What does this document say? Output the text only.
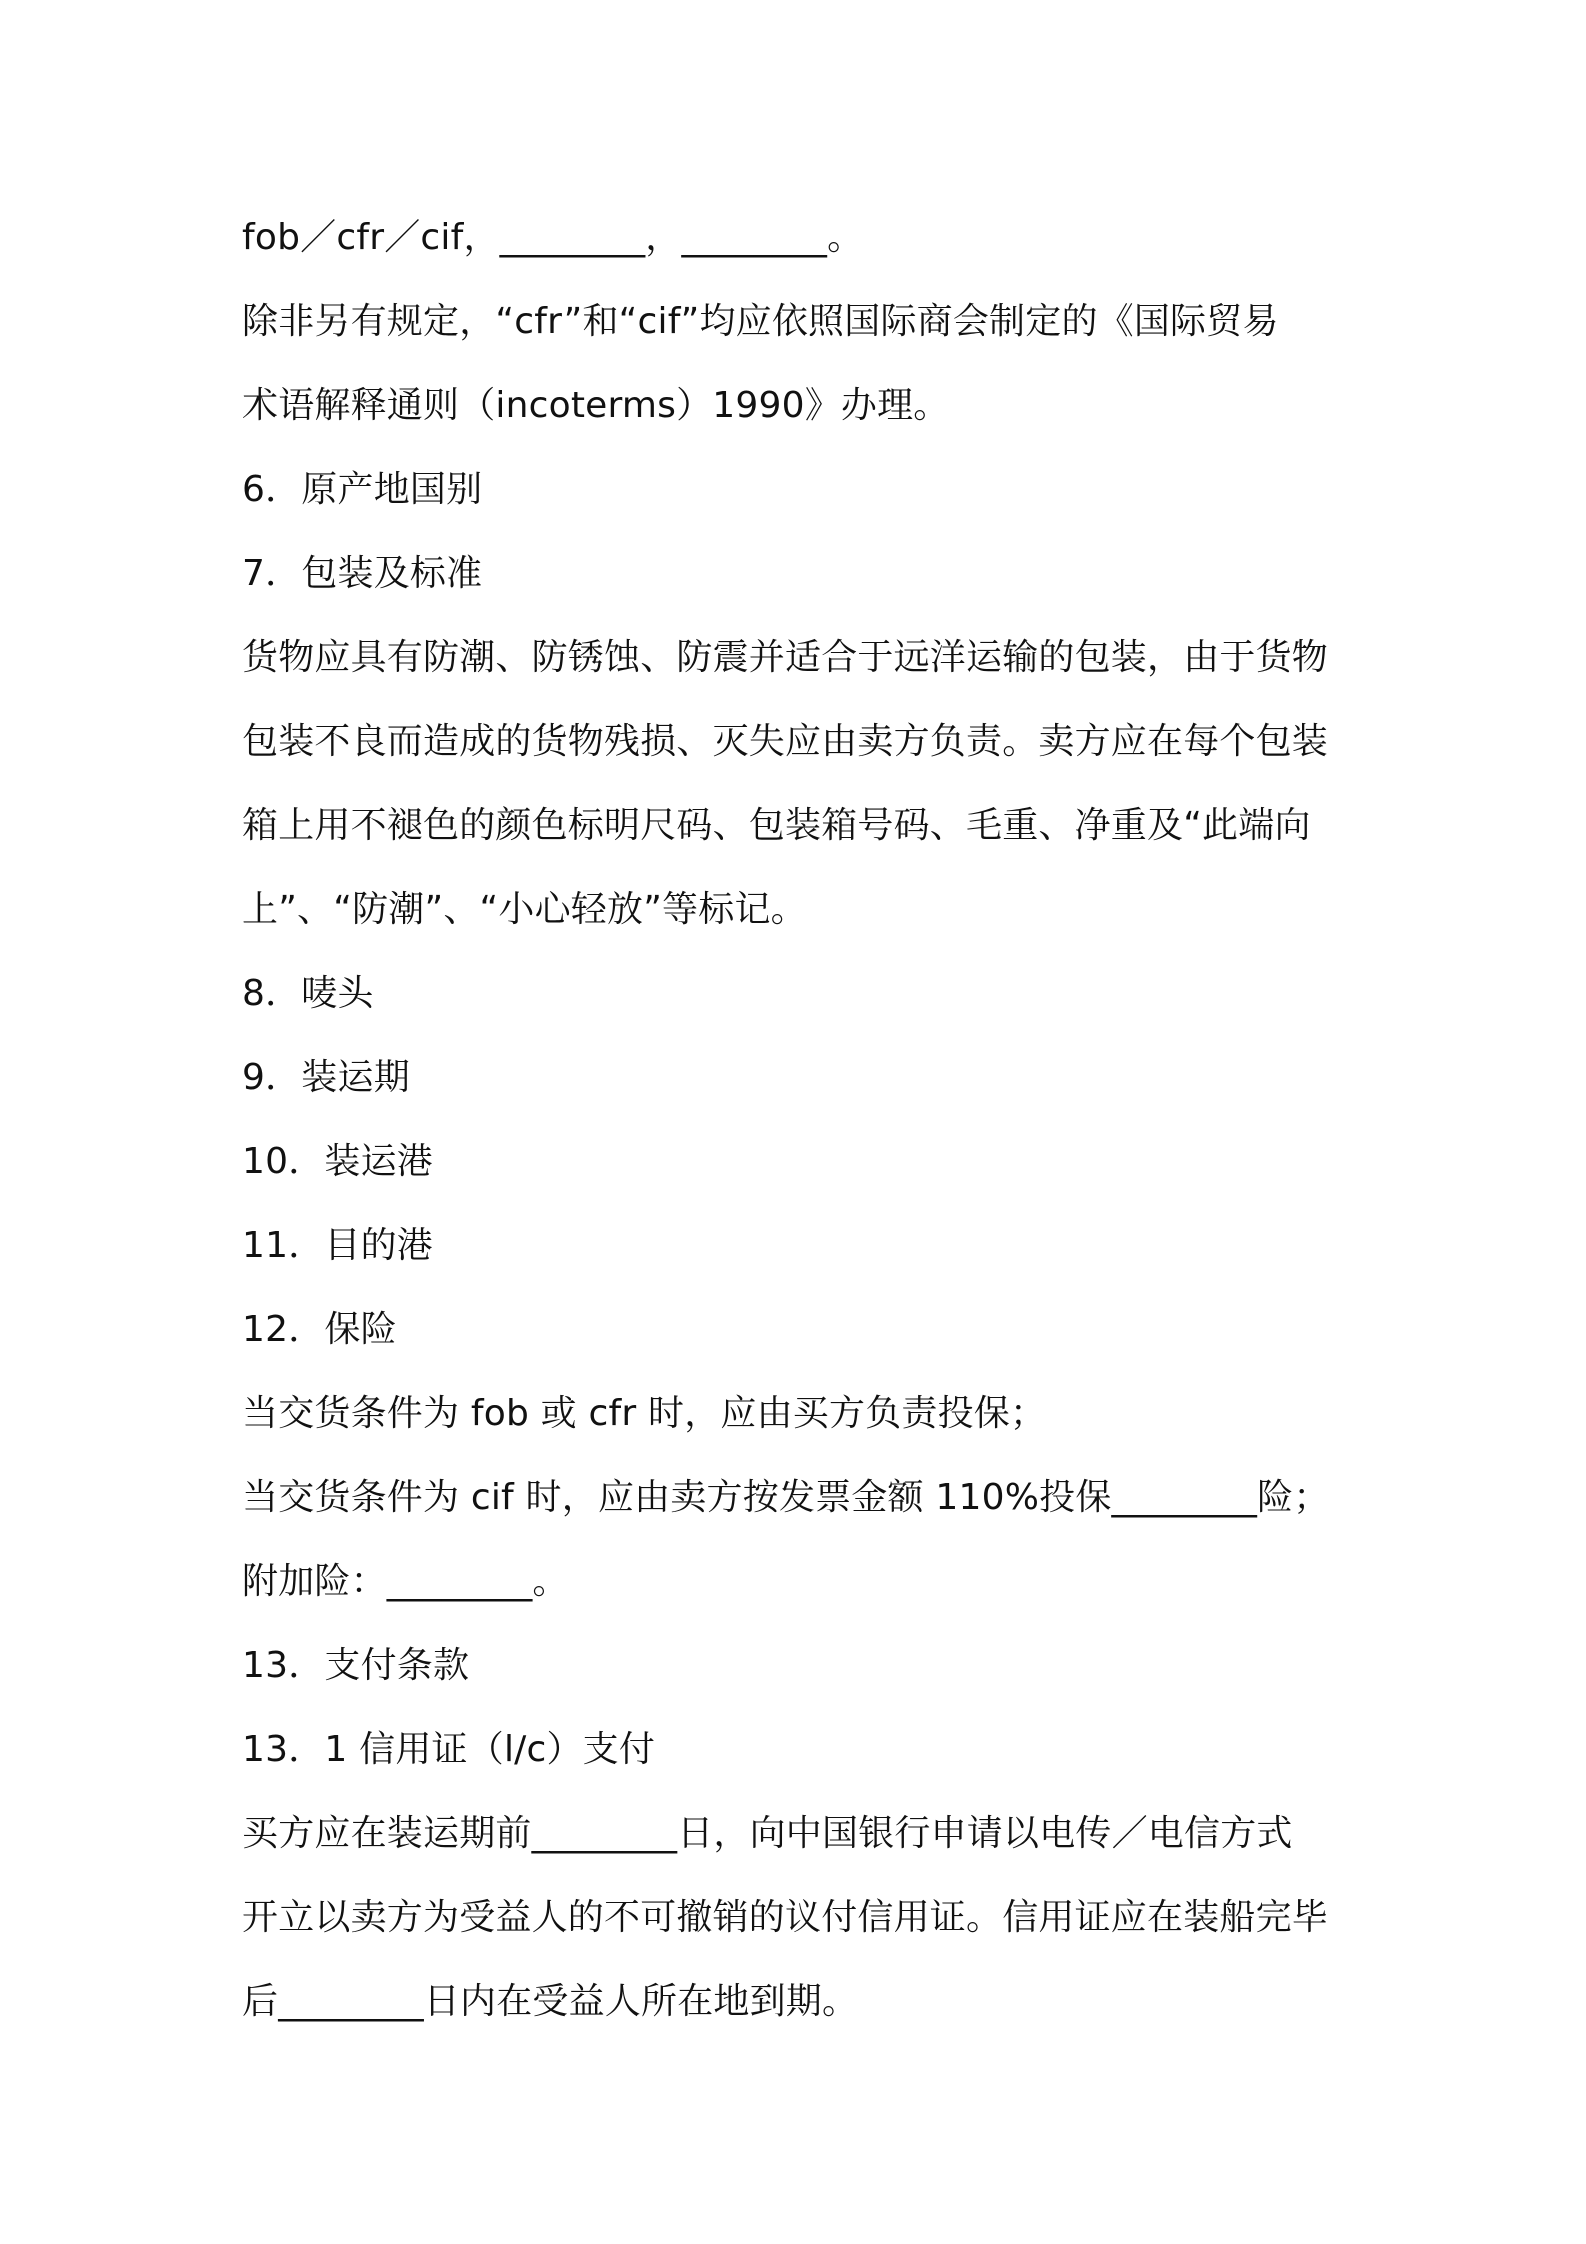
fob／cfr／cif，________，________。

除非另有规定，“cfr”和“cif”均应依照国际商会制定的《国际贸易

术语解释通则（incoterms）1990》办理。

6．原产地国别

7．包装及标准

货物应具有防潮、防锈蚀、防震并适合于远洋运输的包装，由于货物

包装不良而造成的货物残损、灭失应由卖方负责。卖方应在每个包装

箱上用不褪色的颜色标明尺码、包装箱号码、毛重、净重及“此端向

上”、“防潮”、“小心轻放”等标记。

8．唛头

9．装运期

10．装运港

11．目的港

12．保险

当交货条件为 fob 或 cfr 时，应由买方负责投保；

当交货条件为 cif 时，应由卖方按发票金额 110%投保________险；

附加险：________。

13．支付条款

13．1 信用证（l/c）支付

买方应在装运期前________日，向中国银行申请以电传／电信方式

开立以卖方为受益人的不可撤销的议付信用证。信用证应在装船完毕

后________日内在受益人所在地到期。
